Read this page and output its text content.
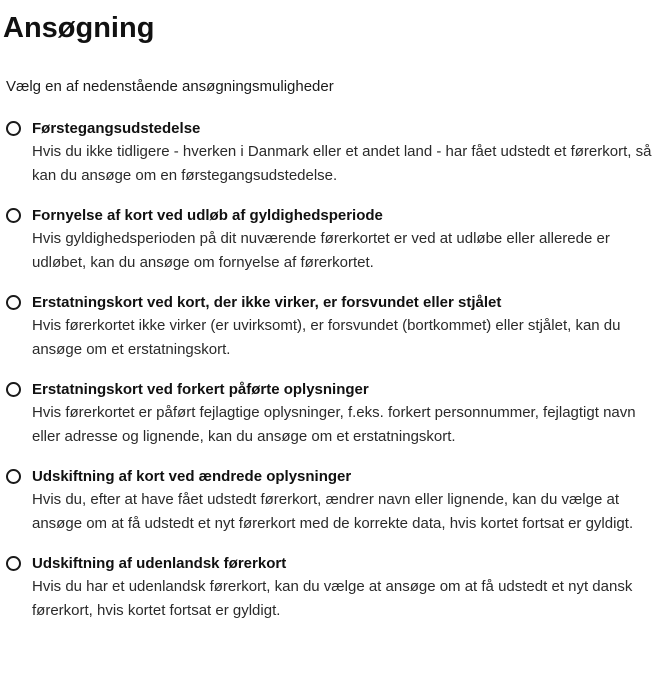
Ansøgning

Vælg en af nedenstående ansøgningsmuligheder

Førstegangsudstedelse
Hvis du ikke tidligere - hverken i Danmark eller et andet land - har fået udstedt et førerkort, så kan du ansøge om en førstegangsudstedelse.
Fornyelse af kort ved udløb af gyldighedsperiode
Hvis gyldighedsperioden på dit nuværende førerkortet er ved at udløbe eller allerede er udløbet, kan du ansøge om fornyelse af førerkortet.
Erstatningskort ved kort, der ikke virker, er forsvundet eller stjålet
Hvis førerkortet ikke virker (er uvirksomt), er forsvundet (bortkommet) eller stjålet, kan du ansøge om et erstatningskort.
Erstatningskort ved forkert påførte oplysninger
Hvis førerkortet er påført fejlagtige oplysninger, f.eks. forkert personnummer, fejlagtigt navn eller adresse og lignende, kan du ansøge om et erstatningskort.
Udskiftning af kort ved ændrede oplysninger
Hvis du, efter at have fået udstedt førerkort, ændrer navn eller lignende, kan du vælge at ansøge om at få udstedt et nyt førerkort med de korrekte data, hvis kortet fortsat er gyldigt.
Udskiftning af udenlandsk førerkort
Hvis du har et udenlandsk førerkort, kan du vælge at ansøge om at få udstedt et nyt dansk førerkort, hvis kortet fortsat er gyldigt.
